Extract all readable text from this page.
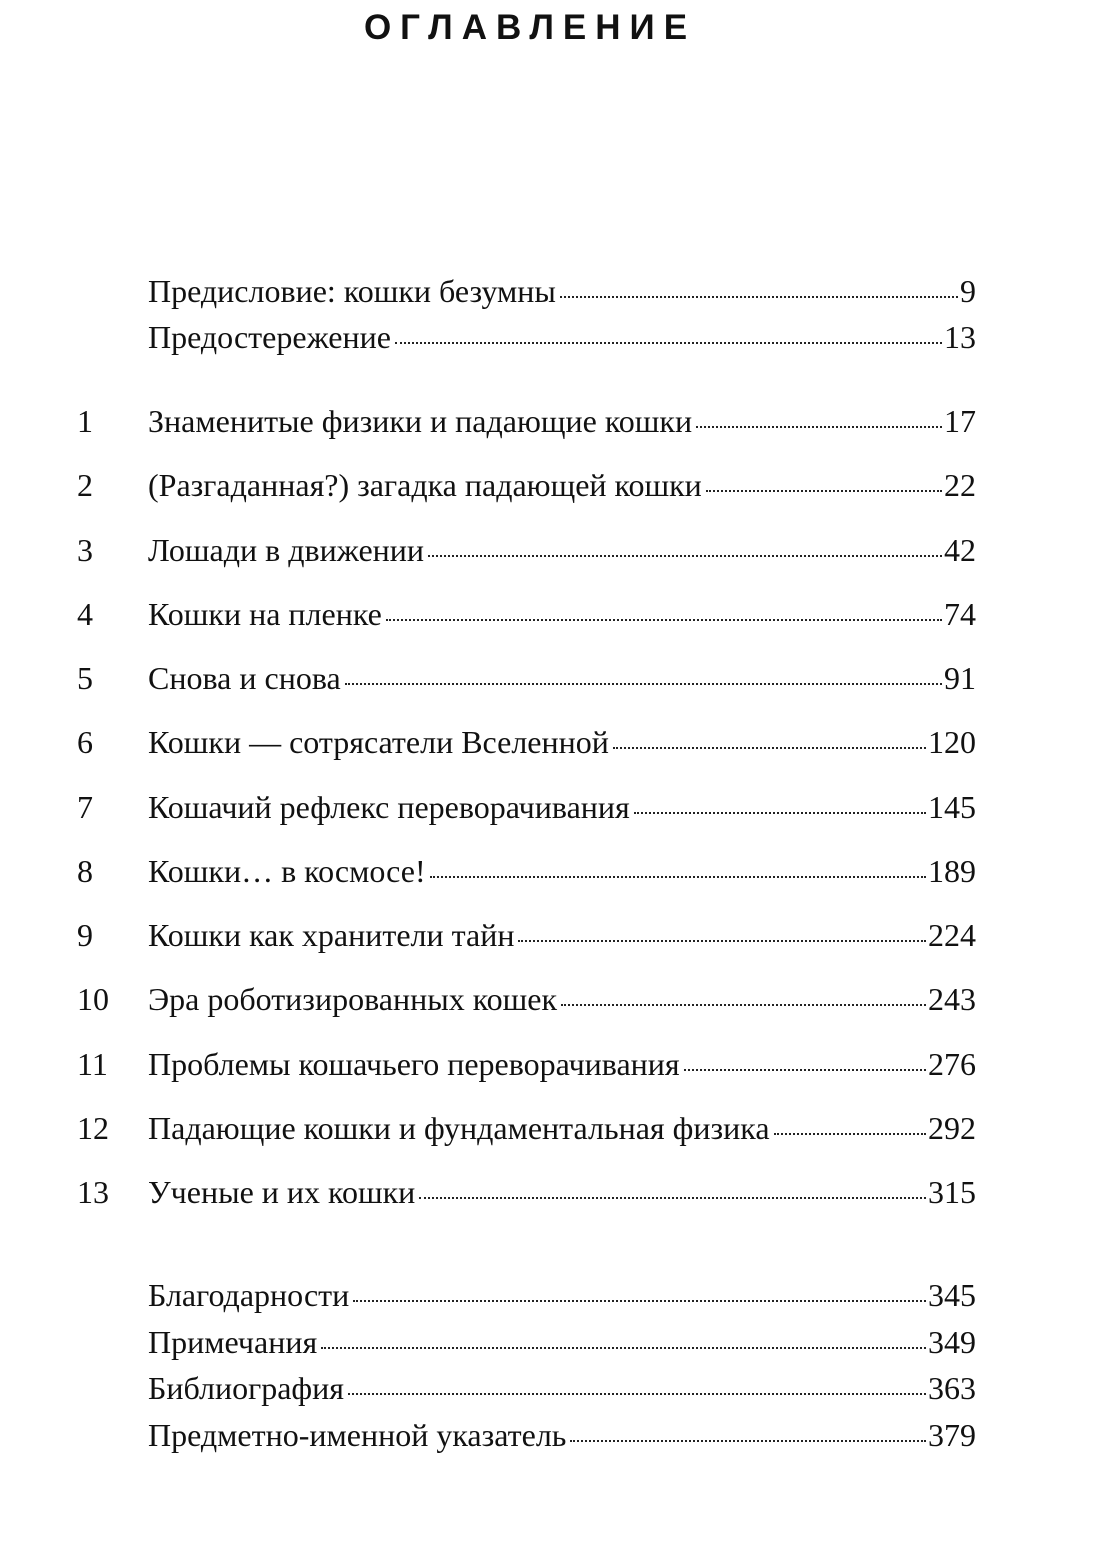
ОГЛАВЛЕНИЕ
Предисловие: кошки безумны	9
Предостережение	13
1 Знаменитые физики и падающие кошки	17
2 (Разгаданная?) загадка падающей кошки	22
3 Лошади в движении	42
4 Кошки на пленке	74
5 Снова и снова	91
6 Кошки — сотрясатели Вселенной	120
7 Кошачий рефлекс переворачивания	145
8 Кошки… в космосе!	189
9 Кошки как хранители тайн	224
10 Эра роботизированных кошек	243
11 Проблемы кошачьего переворачивания	276
12 Падающие кошки и фундаментальная физика	292
13 Ученые и их кошки	315
Благодарности	345
Примечания	349
Библиография	363
Предметно-именной указатель	379
